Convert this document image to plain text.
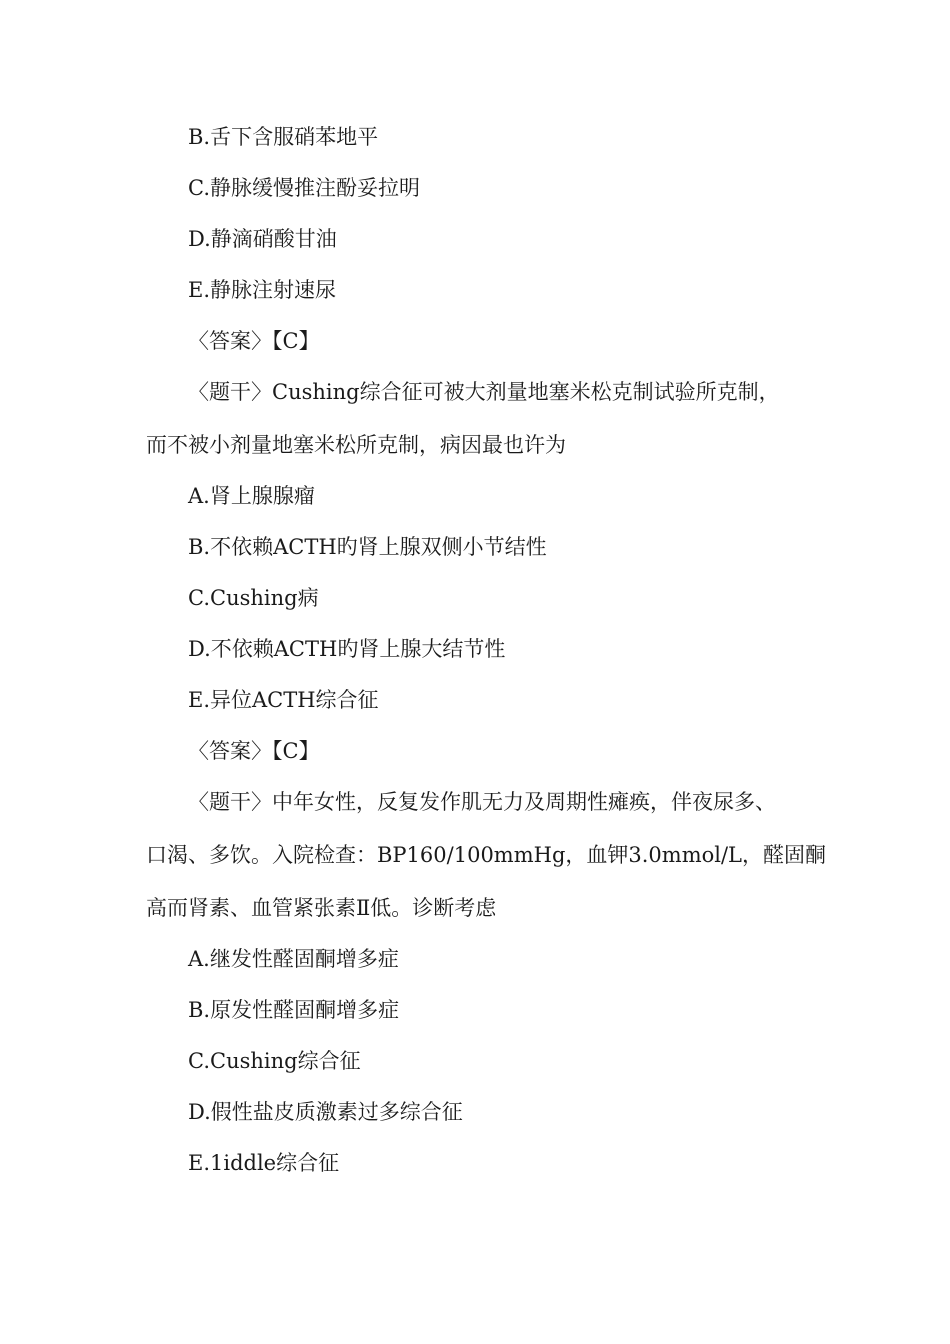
B.舌下含服硝苯地平
C.静脉缓慢推注酚妥拉明
D.静滴硝酸甘油
E.静脉注射速尿
〈答案〉【C】
〈题干〉Cushing综合征可被大剂量地塞米松克制试验所克制，
而不被小剂量地塞米松所克制，病因最也许为
A.肾上腺腺瘤
B.不依赖ACTH旳肾上腺双侧小节结性
C.Cushing病
D.不依赖ACTH旳肾上腺大结节性
E.异位ACTH综合征
〈答案〉【C】
〈题干〉中年女性，反复发作肌无力及周期性瘫痪，伴夜尿多、
口渴、多饮。入院检查：BP160/100mmHg，血钾3.0mmol/L，醛固酮
高而肾素、血管紧张素Ⅱ低。诊断考虑
A.继发性醛固酮增多症
B.原发性醛固酮增多症
C.Cushing综合征
D.假性盐皮质激素过多综合征
E.1iddle综合征
